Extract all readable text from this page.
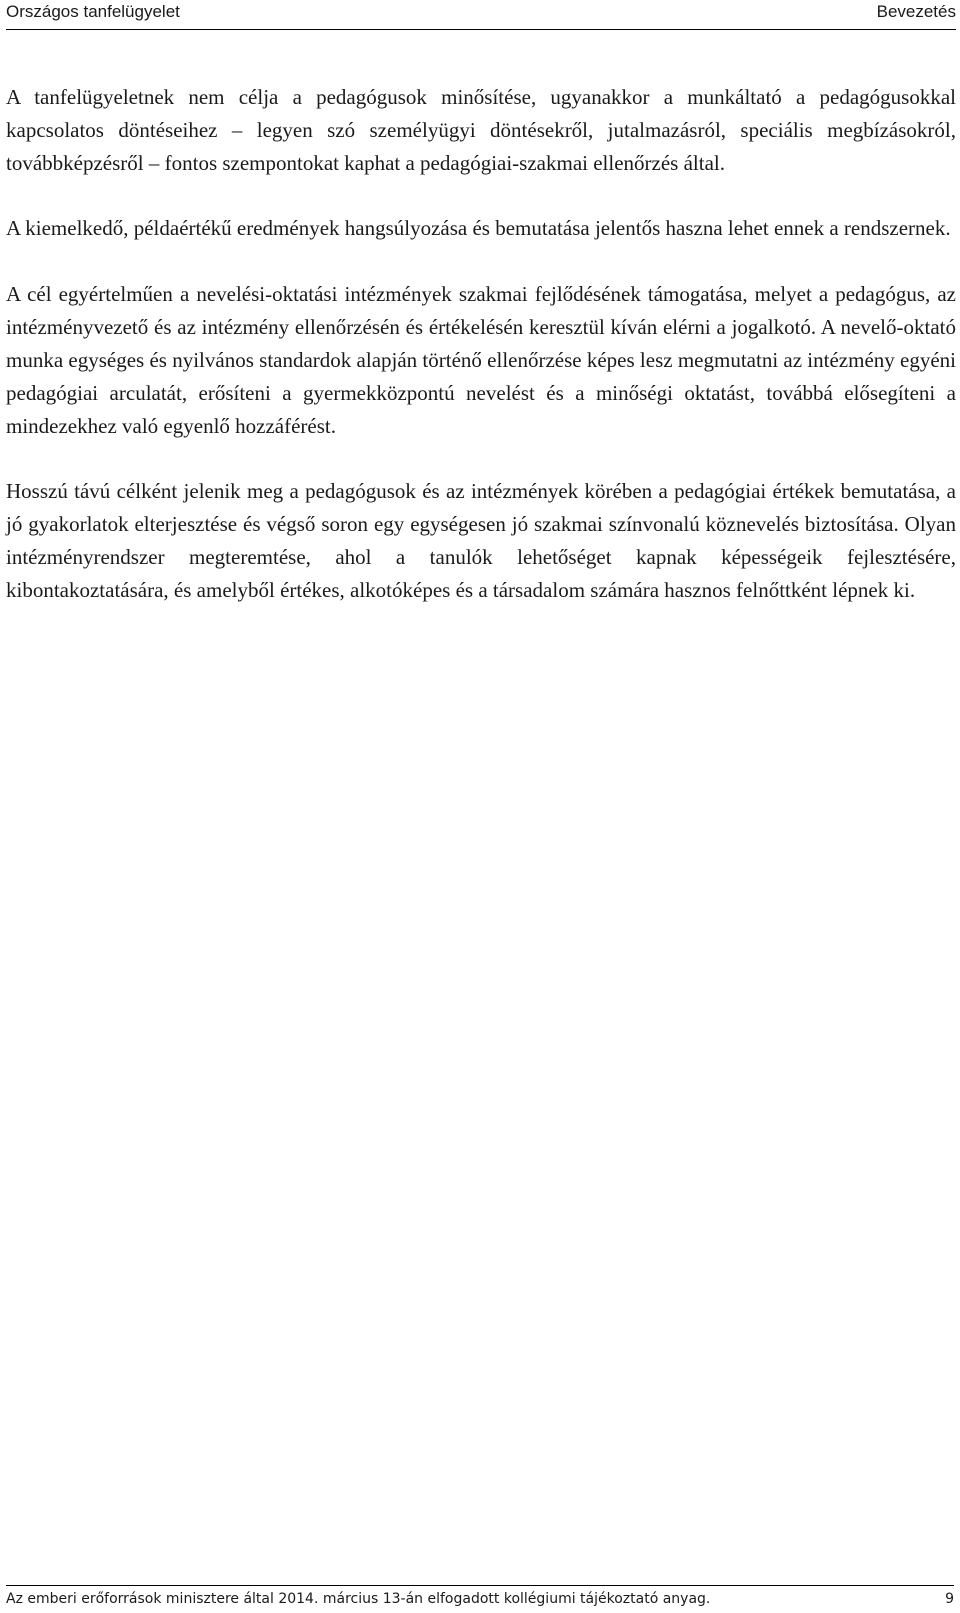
Országos tanfelügyelet	Bevezetés

A tanfelügyeletnek nem célja a pedagógusok minősítése, ugyanakkor a munkáltató a pedagógusokkal kapcsolatos döntéseihez – legyen szó személyügyi döntésekről, jutalmazásról, speciális megbízásokról, továbbképzésről – fontos szempontokat kaphat a pedagógiai-szakmai ellenőrzés által.

A kiemelkedő, példaértékű eredmények hangsúlyozása és bemutatása jelentős haszna lehet ennek a rendszernek.

A cél egyértelműen a nevelési-oktatási intézmények szakmai fejlődésének támogatása, melyet a pedagógus, az intézményvezető és az intézmény ellenőrzésén és értékelésén keresztül kíván elérni a jogalkotó. A nevelő-oktató munka egységes és nyilvános standardok alapján történő ellenőrzése képes lesz megmutatni az intézmény egyéni pedagógiai arculatát, erősíteni a gyermekközpontú nevelést és a minőségi oktatást, továbbá elősegíteni a mindezekhez való egyenlő hozzáférést.

Hosszú távú célként jelenik meg a pedagógusok és az intézmények körében a pedagógiai értékek bemutatása, a jó gyakorlatok elterjesztése és végső soron egy egységesen jó szakmai színvonalú köznevelés biztosítása. Olyan intézményrendszer megteremtése, ahol a tanulók lehetőséget kapnak képességeik fejlesztésére, kibontakoztatására, és amelyből értékes, alkotóképes és a társadalom számára hasznos felnőttként lépnek ki.

Az emberi erőforrások minisztere által 2014. március 13-án elfogadott kollégiumi tájékoztató anyag.	9
